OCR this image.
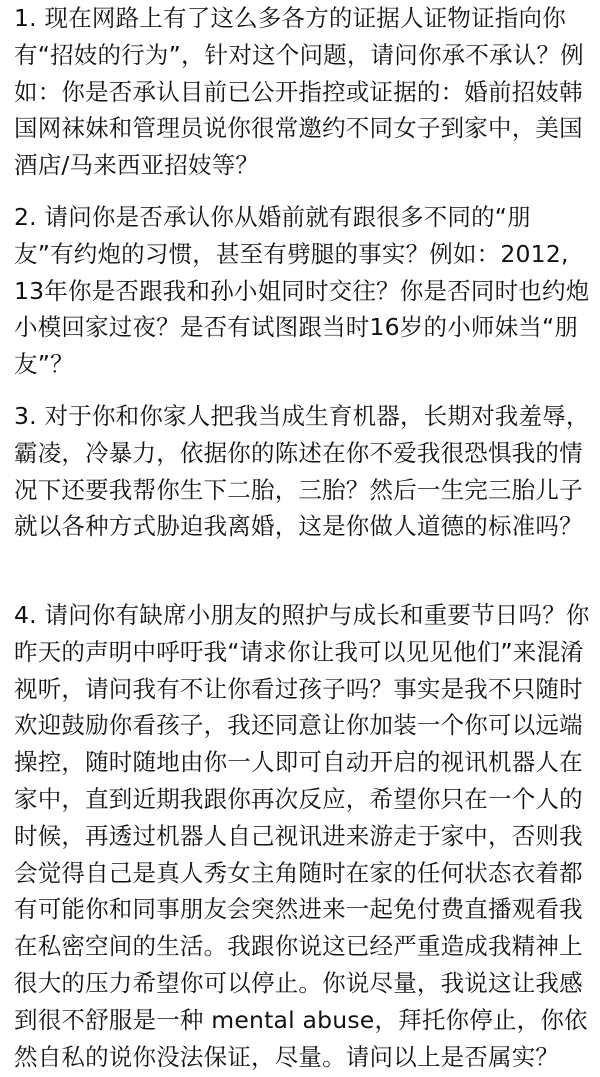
1. 现在网路上有了这么多各方的证据人证物证指向你有“招妓的行为”，针对这个问题，请问你承不承认？例如：你是否承认目前已公开指控或证据的：婚前招妓韩国网袜妹和管理员说你很常邀约不同女子到家中，美国酒店/马来西亚招妓等？

2. 请问你是否承认你从婚前就有跟很多不同的“朋友”有约炮的习惯，甚至有劈腿的事实？例如：2012, 13年你是否跟我和孙小姐同时交往？你是否同时也约炮小模回家过夜？是否有试图跟当时16岁的小师妹当“朋友”？

3. 对于你和你家人把我当成生育机器，长期对我羞辱，霸凌，冷暴力，依据你的陈述在你不爱我很恐惧我的情况下还要我帮你生下二胎，三胎？然后一生完三胎儿子就以各种方式胁迫我离婚，这是你做人道德的标准吗？

4. 请问你有缺席小朋友的照护与成长和重要节日吗？你昨天的声明中呼吁我“请求你让我可以见见他们”来混淆视听，请问我有不让你看过孩子吗？事实是我不只随时欢迎鼓励你看孩子，我还同意让你加装一个你可以远端操控，随时随地由你一人即可自动开启的视讯机器人在家中，直到近期我跟你再次反应，希望你只在一个人的时候，再透过机器人自己视讯进来游走于家中，否则我会觉得自己是真人秀女主角随时在家的任何状态衣着都有可能你和同事朋友会突然进来一起免付费直播观看我在私密空间的生活。我跟你说这已经严重造成我精神上很大的压力希望你可以停止。你说尽量，我说这让我感到很不舒服是一种 mental abuse，拜托你停止，你依然自私的说你没法保证，尽量。请问以上是否属实？
